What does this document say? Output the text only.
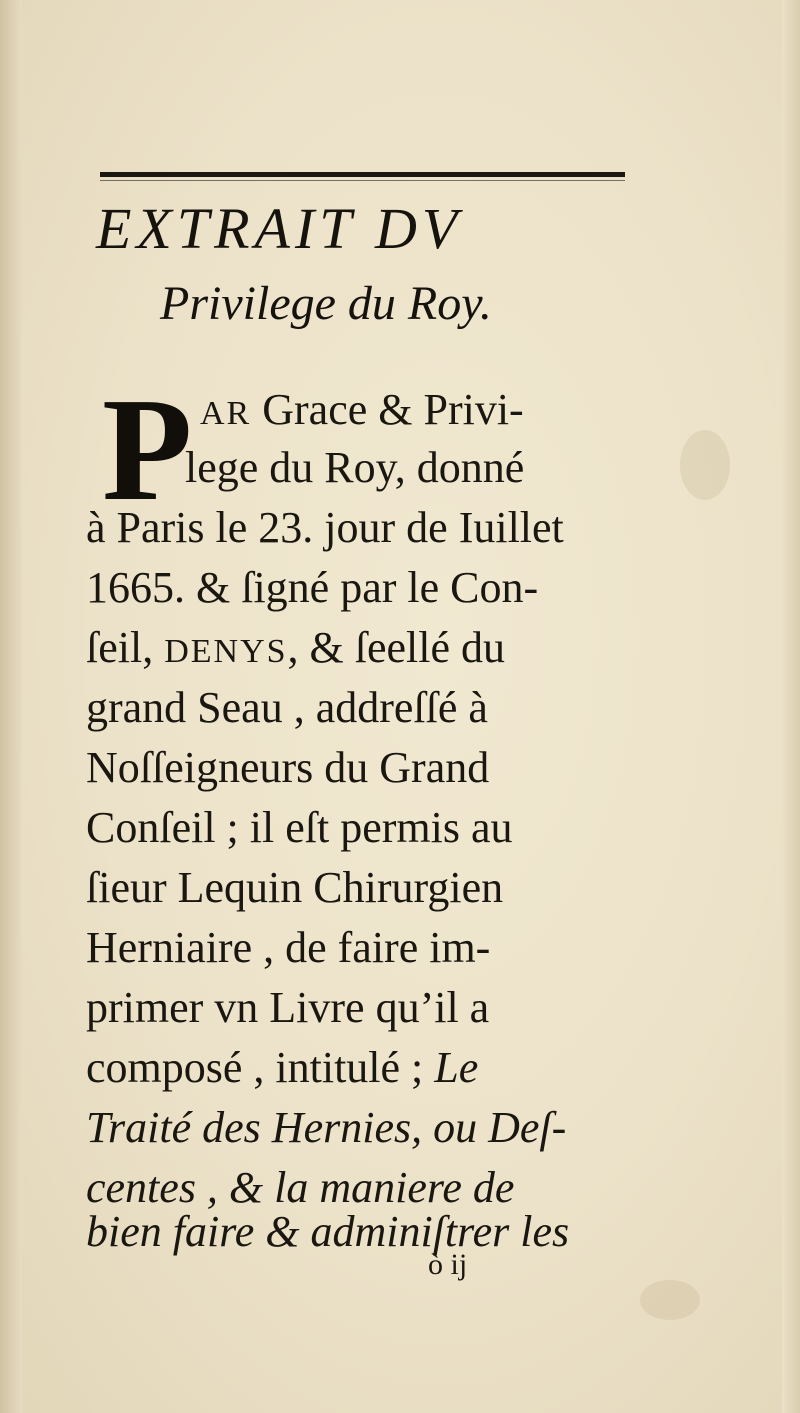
EXTRAIT DV
Privilege du Roy.
P AR Grace & Privi-
lege du Roy, donné
à Paris le 23. jour de Iuillet
1665. & ſigné par le Con-
ſeil, DENYS, & ſeellé du
grand Seau , addreſſé à
Noſſeigneurs du Grand
Conſeil ; il eſt permis au
ſieur Lequin Chirurgien
Herniaire , de faire im-
primer vn Livre qu’il a
composé , intitulé ; Le
Traité des Hernies, ou Deſ-
centes , & la maniere de
bien faire & adminiſtrer les
ò ij
